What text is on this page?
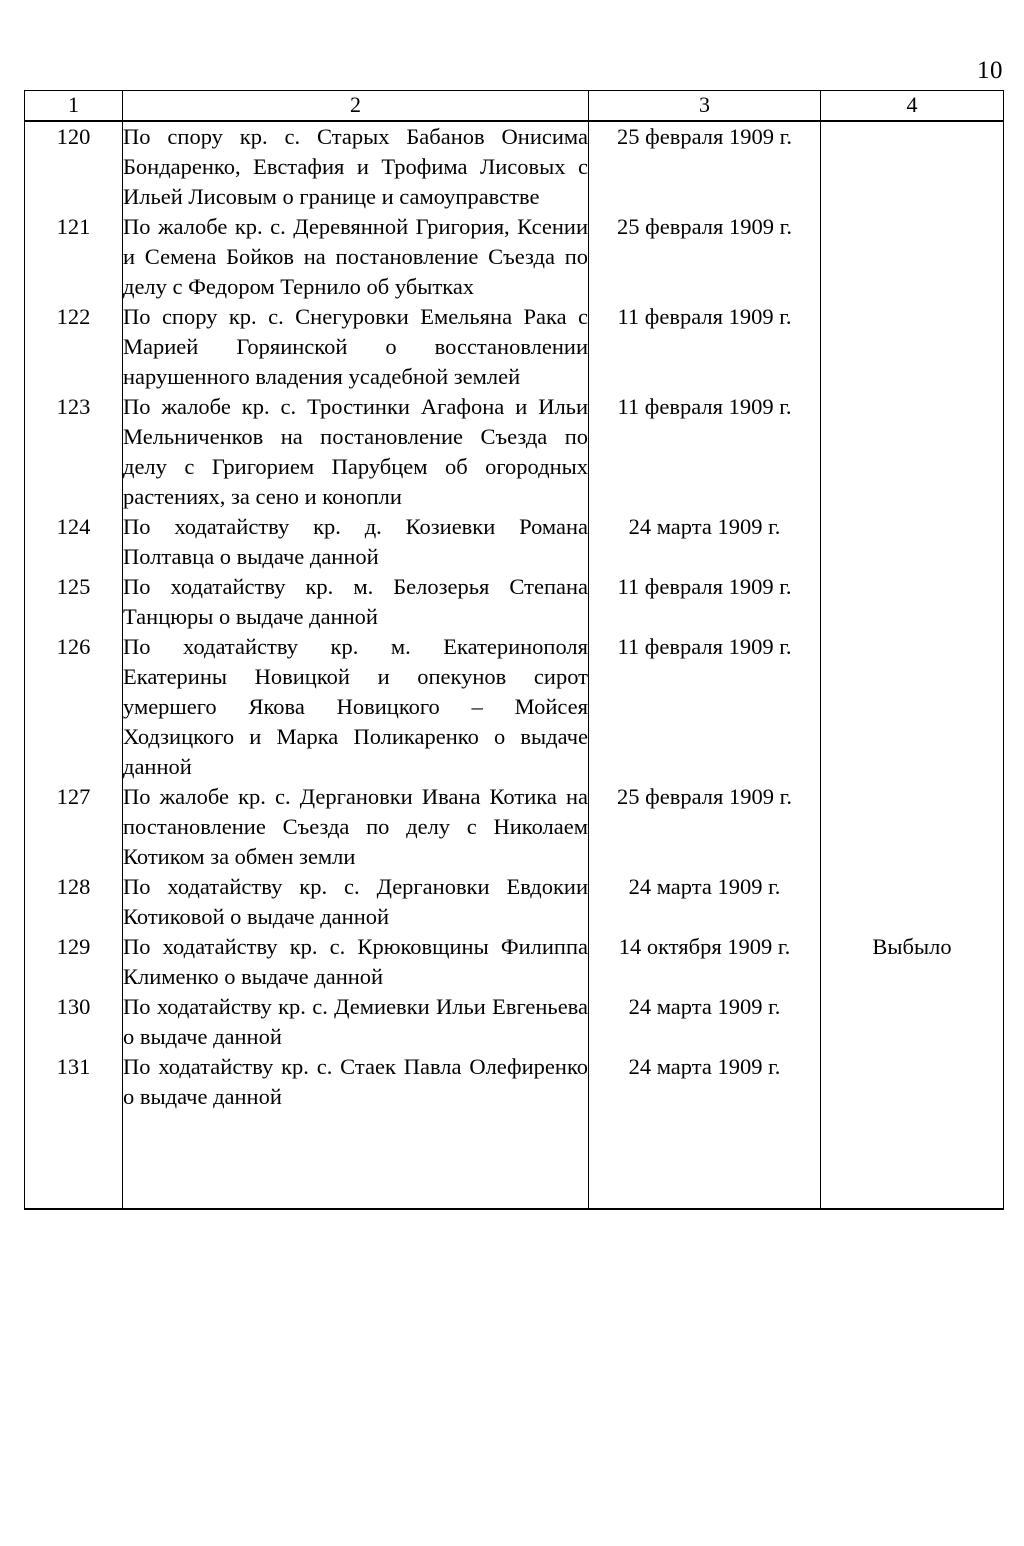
10
1	2	3	4
120	По спору кр. с. Старых Бабанов Онисима Бондаренко, Евстафия и Трофима Лисовых с Ильей Лисовым о границе и самоуправстве	25 февраля 1909 г.	
121	По жалобе кр. с. Деревянной Григория, Ксении и Семена Бойков на постановление Съезда по делу с Федором Тернило об убытках	25 февраля 1909 г.	
122	По спору кр. с. Снегуровки Емельяна Рака с Марией Горяинской о восстановлении нарушенного владения усадебной землей	11 февраля 1909 г.	
123	По жалобе кр. с. Тростинки Агафона и Ильи Мельниченков на постановление Съезда по делу с Григорием Парубцем об огородных растениях, за сено и конопли	11 февраля 1909 г.	
124	По ходатайству кр. д. Козиевки Романа Полтавца о выдаче данной	24 марта 1909 г.	
125	По ходатайству кр. м. Белозерья Степана Танцюры о выдаче данной	11 февраля 1909 г.	
126	По ходатайству кр. м. Екатеринополя Екатерины Новицкой и опекунов сирот умершего Якова Новицкого – Мойсея Ходзицкого и Марка Поликаренко о выдаче данной	11 февраля 1909 г.	
127	По жалобе кр. с. Дергановки Ивана Котика на постановление Съезда по делу с Николаем Котиком за обмен земли	25 февраля 1909 г.	
128	По ходатайству кр. с. Дергановки Евдокии Котиковой о выдаче данной	24 марта 1909 г.	
129	По ходатайству кр. с. Крюковщины Филиппа Клименко о выдаче данной	14 октября 1909 г.	Выбыло
130	По ходатайству кр. с. Демиевки Ильи Евгеньева о выдаче данной	24 марта 1909 г.	
131	По ходатайству кр. с. Стаек Павла Олефиренко о выдаче данной	24 марта 1909 г.	
